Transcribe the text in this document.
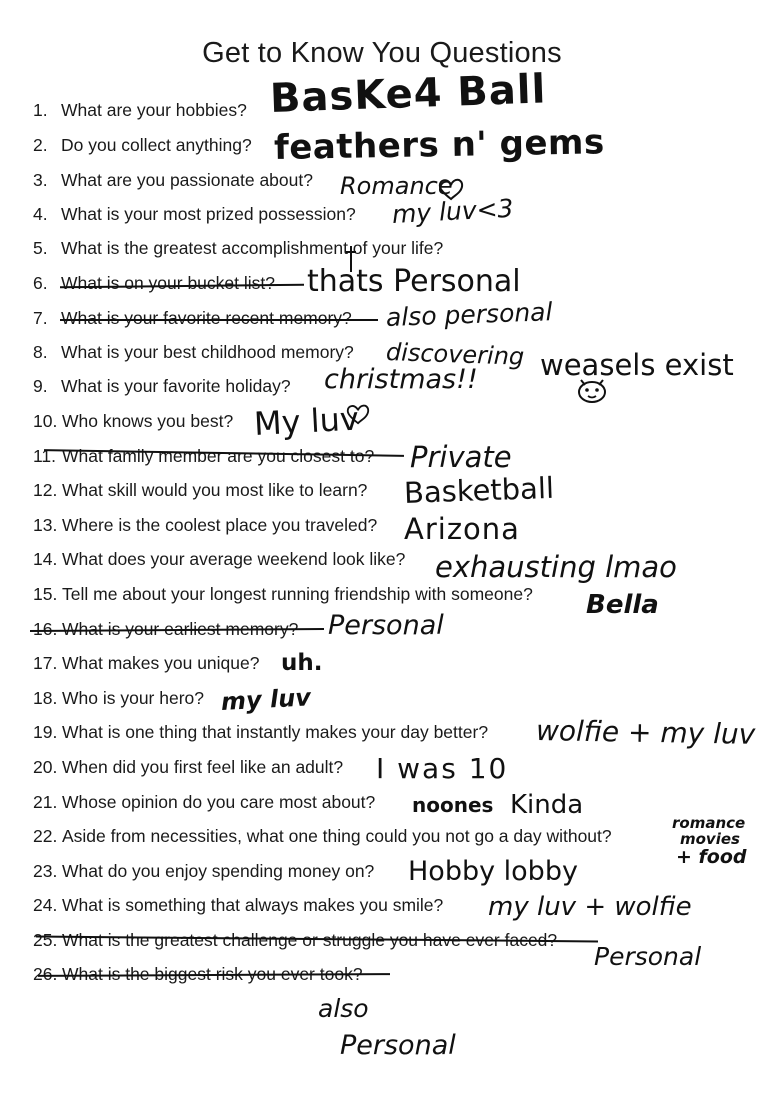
Get to Know You Questions
1. What are your hobbies?
2. Do you collect anything?
3. What are you passionate about?
4. What is your most prized possession?
5. What is the greatest accomplishment of your life?
6. What is on your bucket list?
7. What is your favorite recent memory?
8. What is your best childhood memory?
9. What is your favorite holiday?
10. Who knows you best?
11. What family member are you closest to?
12. What skill would you most like to learn?
13. Where is the coolest place you traveled?
14. What does your average weekend look like?
15. Tell me about your longest running friendship with someone?
16. What is your earliest memory?
17. What makes you unique?
18. Who is your hero?
19. What is one thing that instantly makes your day better?
20. When did you first feel like an adult?
21. Whose opinion do you care most about?
22. Aside from necessities, what one thing could you not go a day without?
23. What do you enjoy spending money on?
24. What is something that always makes you smile?
25. What is the greatest challenge or struggle you have ever faced?
26. What is the biggest risk you ever took?
BasKe4 Ball
feathers n' gems
Romance
my luv<3
thats Personal
also personal
discovering weasels exist
christmas!!
My luv
Private
Basketball
Arizona
exhausting lmao
Bella
Personal
uh.
my luv
wolfie + my luv
I was 10
noones Kinda
romance
movies
+ food
Hobby lobby
my luv + wolfie
Personal
also
Personal
